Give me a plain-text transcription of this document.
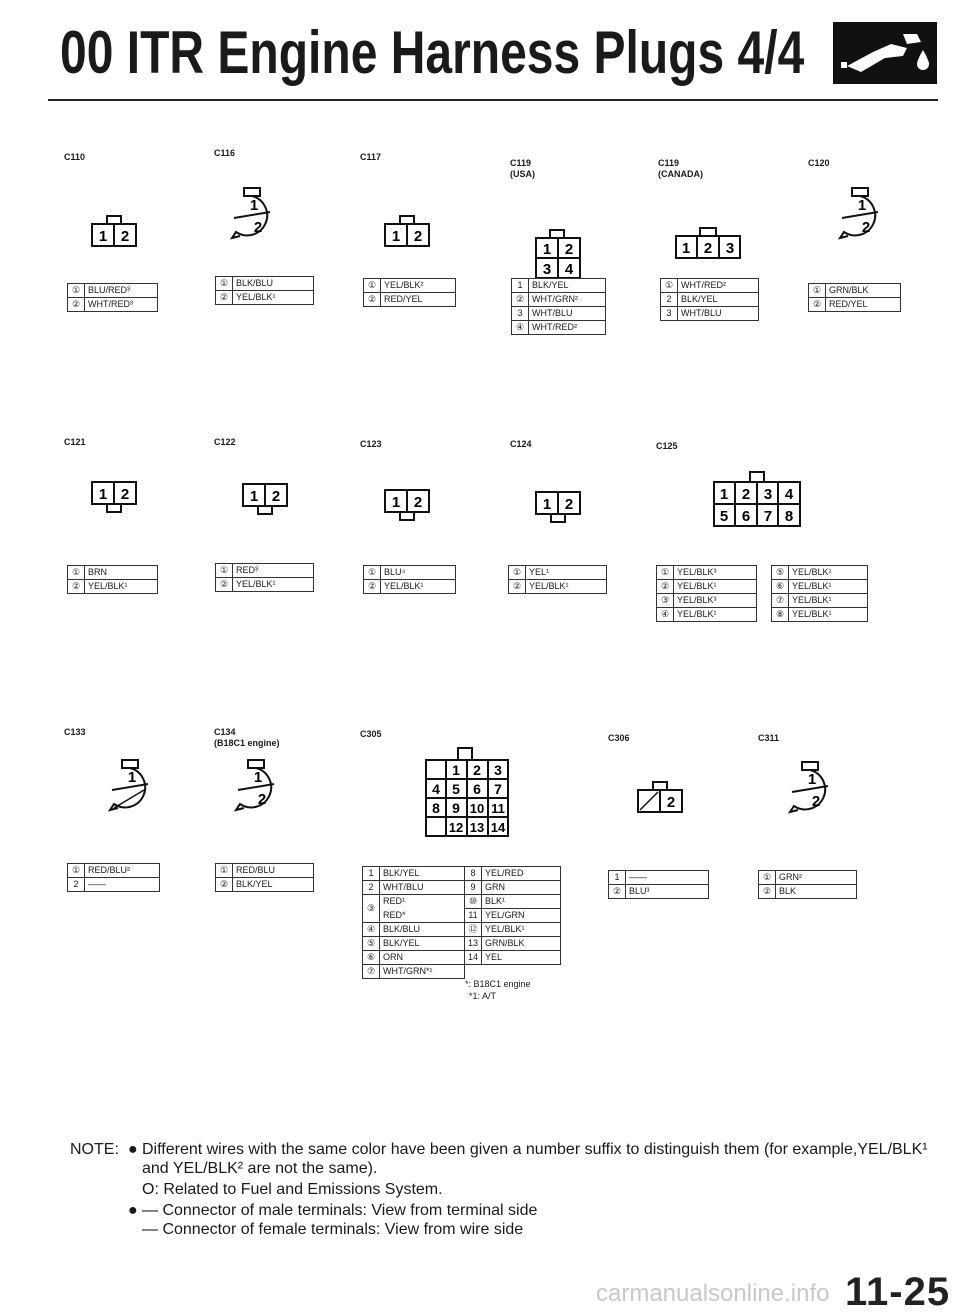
00 ITR Engine Harness Plugs 4/4
C110
1 2
①	BLU/RED³
②	WHT/RED³
C116
1
2
①	BLK/BLU
②	YEL/BLK¹
C117
1 2
①	YEL/BLK²
②	RED/YEL
C119
(USA)
1 2
3 4
1	BLK/YEL
②	WHT/GRN²
3	WHT/BLU
④	WHT/RED²
C119
(CANADA)
1 2 3
①	WHT/RED²
2	BLK/YEL
3	WHT/BLU
C120
1
2
①	GRN/BLK
②	RED/YEL
C121
1 2
①	BRN
②	YEL/BLK¹
C122
1 2
①	RED³
②	YEL/BLK¹
C123
1 2
①	BLU⁴
②	YEL/BLK¹
C124
1 2
①	YEL¹
②	YEL/BLK¹
C125
1 2 3 4
5 6 7 8
①	YEL/BLK³		⑤	YEL/BLK¹
②	YEL/BLK¹		⑥	YEL/BLK¹
③	YEL/BLK³		⑦	YEL/BLK¹
④	YEL/BLK¹		⑧	YEL/BLK¹
C133
1
①	RED/BLU²
2	——
C134
(B18C1 engine)
1
2
①	RED/BLU
②	BLK/YEL
C305
1 2 3
4 5 6 7
8 9 10 11
12 13 14
1	BLK/YEL	8	YEL/RED
2	WHT/BLU	9	GRN
③	RED¹	⑩	BLK¹
	RED*	11	YEL/GRN
④	BLK/BLU	⑫	YEL/BLK¹
⑤	BLK/YEL	13	GRN/BLK
⑥	ORN	14	YEL
⑦	WHT/GRN*¹		
*: B18C1 engine
*1: A/T
C306
2
1	——
②	BLU³
C311
1
2
①	GRN²
②	BLK
NOTE: ● Different wires with the same color have been given a number suffix to distinguish them (for example,YEL/BLK¹
and YEL/BLK² are not the same).
O: Related to Fuel and Emissions System.
● — Connector of male terminals: View from terminal side
— Connector of female terminals: View from wire side
carmanualsonline.info 11-25
